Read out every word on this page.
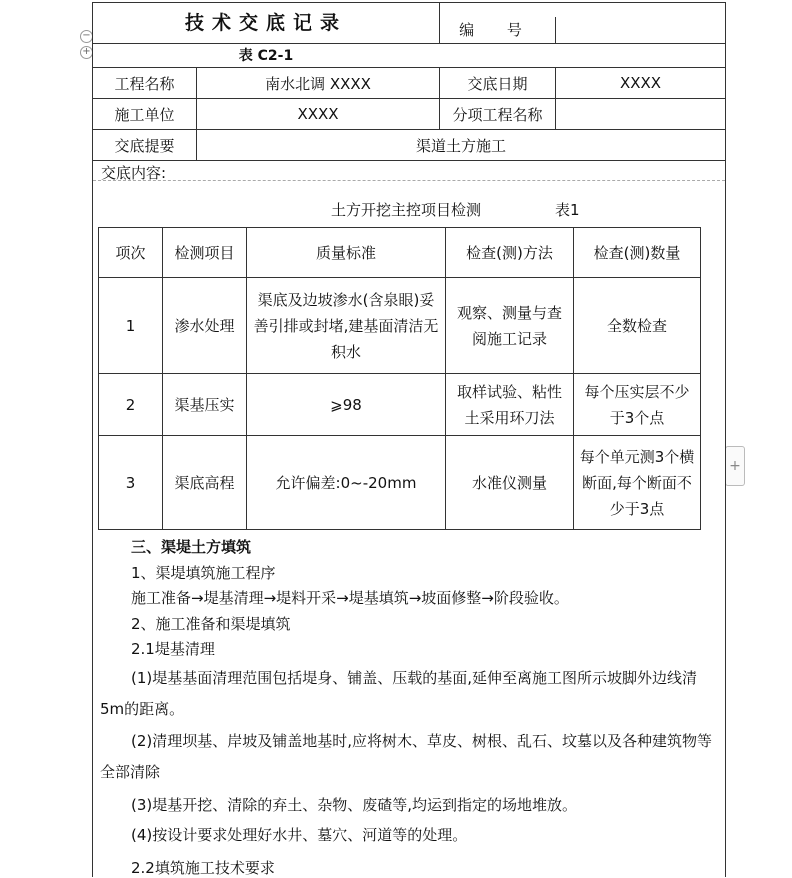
−
+
+
技术交底记录	编 号
表 C2-1
工程名称	南水北调 XXXX	交底日期	XXXX
施工单位	XXXX	分项工程名称
交底提要	渠道土方施工
交底内容:
土方开挖主控项目检测	表1
项次	检测项目	质量标准	检查(测)方法	检查(测)数量
1	渗水处理	渠底及边坡渗水(含泉眼)妥善引排或封堵,建基面清洁无积水	观察、测量与查阅施工记录	全数检查
2	渠基压实	⩾98	取样试验、粘性土采用环刀法	每个压实层不少于3个点
3	渠底高程	允许偏差:0~-20mm	水准仪测量	每个单元测3个横断面,每个断面不少于3点
三、渠堤土方填筑
1、渠堤填筑施工程序
施工准备→堤基清理→堤料开采→堤基填筑→坡面修整→阶段验收。
2、施工准备和渠堤填筑
2.1堤基清理
(1)堤基基面清理范围包括堤身、铺盖、压载的基面,延伸至离施工图所示坡脚外边线清 5m的距离。
(2)清理坝基、岸坡及铺盖地基时,应将树木、草皮、树根、乱石、坟墓以及各种建筑物等全部清除
(3)堤基开挖、清除的弃土、杂物、废碴等,均运到指定的场地堆放。
(4)按设计要求处理好水井、墓穴、河道等的处理。
2.2填筑施工技术要求
